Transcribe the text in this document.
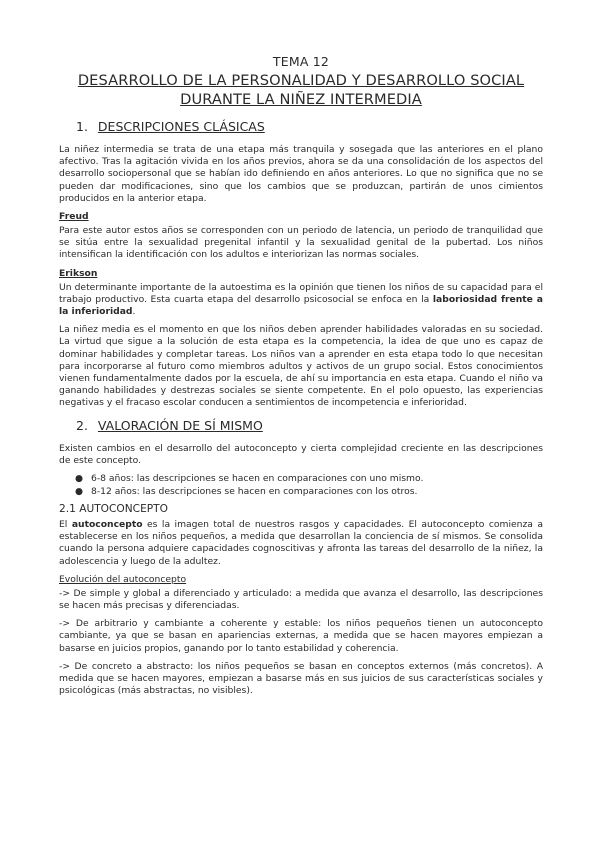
TEMA 12
DESARROLLO DE LA PERSONALIDAD Y DESARROLLO SOCIAL
DURANTE LA NIÑEZ INTERMEDIA
1. DESCRIPCIONES CLÁSICAS

La niñez intermedia se trata de una etapa más tranquila y sosegada que las anteriores en el plano afectivo. Tras la agitación vivida en los años previos, ahora se da una consolidación de los aspectos del desarrollo sociopersonal que se habían ido definiendo en años anteriores. Lo que no significa que no se pueden dar modificaciones, sino que los cambios que se produzcan, partirán de unos cimientos producidos en la anterior etapa.

Freud

Para este autor estos años se corresponden con un periodo de latencia, un periodo de tranquilidad que se sitúa entre la sexualidad pregenital infantil y la sexualidad genital de la pubertad. Los niños intensifican la identificación con los adultos e interiorizan las normas sociales.

Erikson

Un determinante importante de la autoestima es la opinión que tienen los niños de su capacidad para el trabajo productivo. Esta cuarta etapa del desarrollo psicosocial se enfoca en la laboriosidad frente a la inferioridad.

La niñez media es el momento en que los niños deben aprender habilidades valoradas en su sociedad. La virtud que sigue a la solución de esta etapa es la competencia, la idea de que uno es capaz de dominar habilidades y completar tareas. Los niños van a aprender en esta etapa todo lo que necesitan para incorporarse al futuro como miembros adultos y activos de un grupo social. Estos conocimientos vienen fundamentalmente dados por la escuela, de ahí su importancia en esta etapa. Cuando el niño va ganando habilidades y destrezas sociales se siente competente. En el polo opuesto, las experiencias negativas y el fracaso escolar conducen a sentimientos de incompetencia e inferioridad.

2. VALORACIÓN DE SÍ MISMO

Existen cambios en el desarrollo del autoconcepto y cierta complejidad creciente en las descripciones de este concepto.

● 6-8 años: las descripciones se hacen en comparaciones con uno mismo.
● 8-12 años: las descripciones se hacen en comparaciones con los otros.
2.1 AUTOCONCEPTO

El autoconcepto es la imagen total de nuestros rasgos y capacidades. El autoconcepto comienza a establecerse en los niños pequeños, a medida que desarrollan la conciencia de sí mismos. Se consolida cuando la persona adquiere capacidades cognoscitivas y afronta las tareas del desarrollo de la niñez, la adolescencia y luego de la adultez.

Evolución del autoconcepto

-> De simple y global a diferenciado y articulado: a medida que avanza el desarrollo, las descripciones se hacen más precisas y diferenciadas.

-> De arbitrario y cambiante a coherente y estable: los niños pequeños tienen un autoconcepto cambiante, ya que se basan en apariencias externas, a medida que se hacen mayores empiezan a basarse en juicios propios, ganando por lo tanto estabilidad y coherencia.

-> De concreto a abstracto: los niños pequeños se basan en conceptos externos (más concretos). A medida que se hacen mayores, empiezan a basarse más en sus juicios de sus características sociales y psicológicas (más abstractas, no visibles).
